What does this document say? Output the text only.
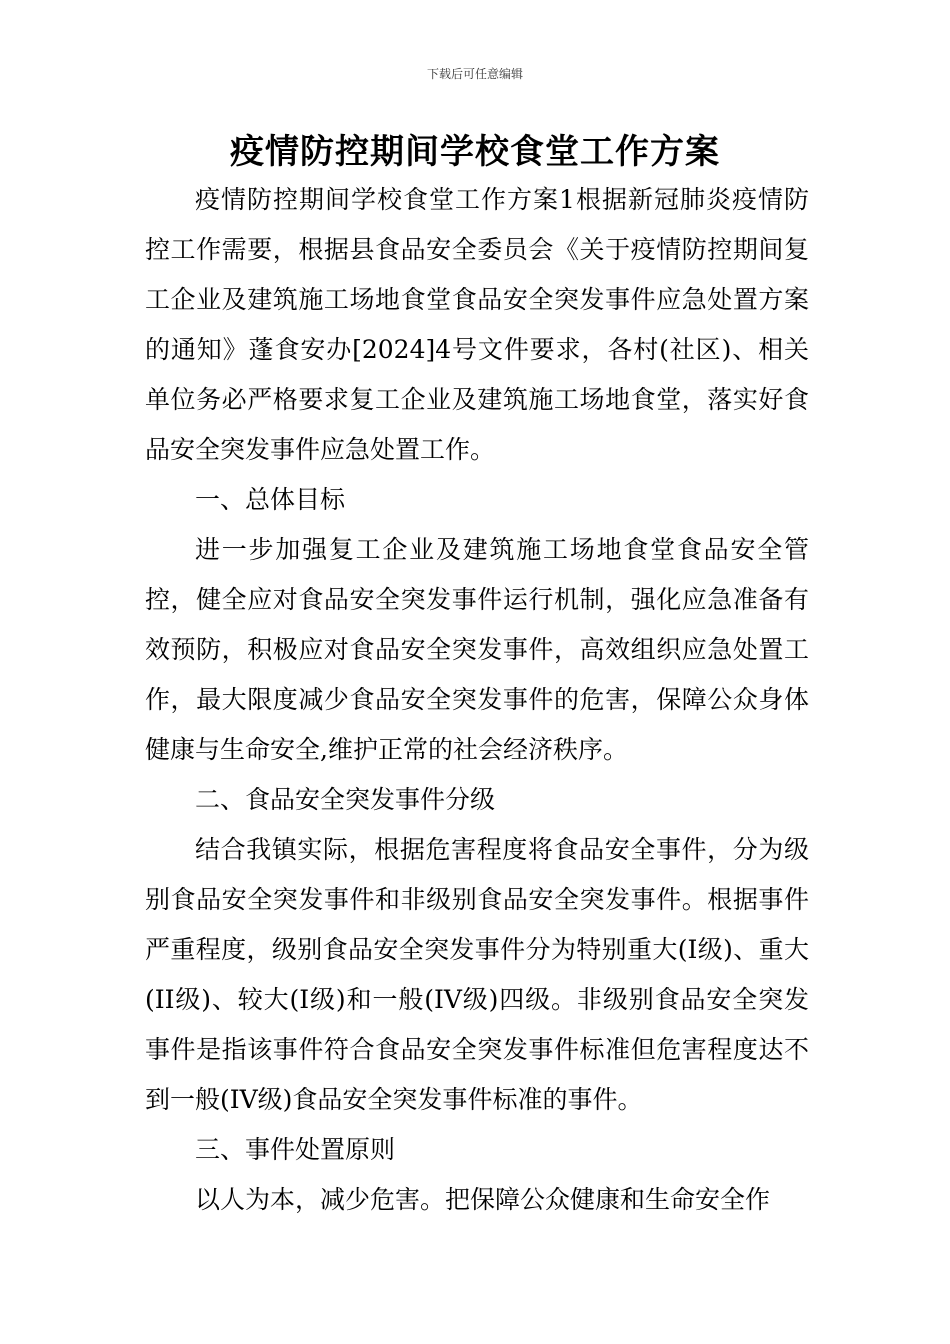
下载后可任意编辑
疫情防控期间学校食堂工作方案

疫情防控期间学校食堂工作方案1根据新冠肺炎疫情防控工作需要，根据县食品安全委员会《关于疫情防控期间复工企业及建筑施工场地食堂食品安全突发事件应急处置方案的通知》蓬食安办[2024]4号文件要求，各村(社区)、相关单位务必严格要求复工企业及建筑施工场地食堂，落实好食品安全突发事件应急处置工作。

一、总体目标

进一步加强复工企业及建筑施工场地食堂食品安全管控，健全应对食品安全突发事件运行机制，强化应急准备有效预防，积极应对食品安全突发事件，高效组织应急处置工作，最大限度减少食品安全突发事件的危害，保障公众身体健康与生命安全,维护正常的社会经济秩序。

二、食品安全突发事件分级

结合我镇实际，根据危害程度将食品安全事件，分为级别食品安全突发事件和非级别食品安全突发事件。根据事件严重程度，级别食品安全突发事件分为特别重大(I级)、重大(II级)、较大(I级)和一般(IV级)四级。非级别食品安全突发事件是指该事件符合食品安全突发事件标准但危害程度达不到一般(IV级)食品安全突发事件标准的事件。

三、事件处置原则

以人为本，减少危害。把保障公众健康和生命安全作
